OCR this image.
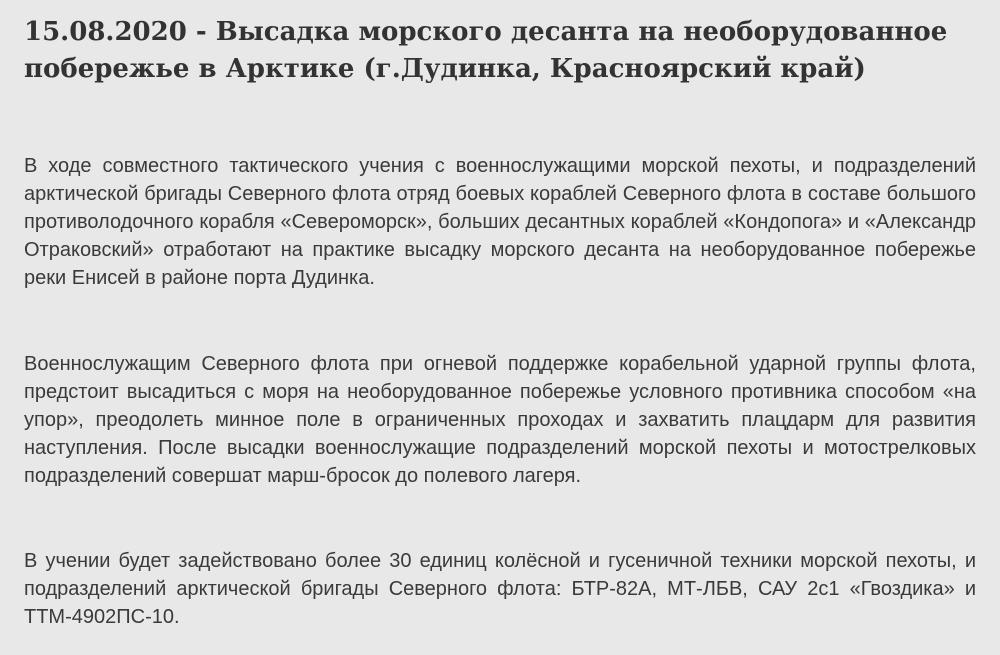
15.08.2020 - Высадка морского десанта на необорудованное побережье в Арктике (г.Дудинка, Красноярский край)

В ходе совместного тактического учения с военнослужащими морской пехоты, и подразделений арктической бригады Северного флота отряд боевых кораблей Северного флота в составе большого противолодочного корабля «Североморск», больших десантных кораблей «Кондопога» и «Александр Отраковский» отработают на практике высадку морского десанта на необорудованное побережье реки Енисей в районе порта Дудинка.

Военнослужащим Северного флота при огневой поддержке корабельной ударной группы флота, предстоит высадиться с моря на необорудованное побережье условного противника способом «на упор», преодолеть минное поле в ограниченных проходах и захватить плацдарм для развития наступления. После высадки военнослужащие подразделений морской пехоты и мотострелковых подразделений совершат марш-бросок до полевого лагеря.

В учении будет задействовано более 30 единиц колёсной и гусеничной техники морской пехоты, и подразделений арктической бригады Северного флота: БТР-82А, МТ-ЛБВ, САУ 2с1 «Гвоздика» и ТТМ-4902ПС-10.
